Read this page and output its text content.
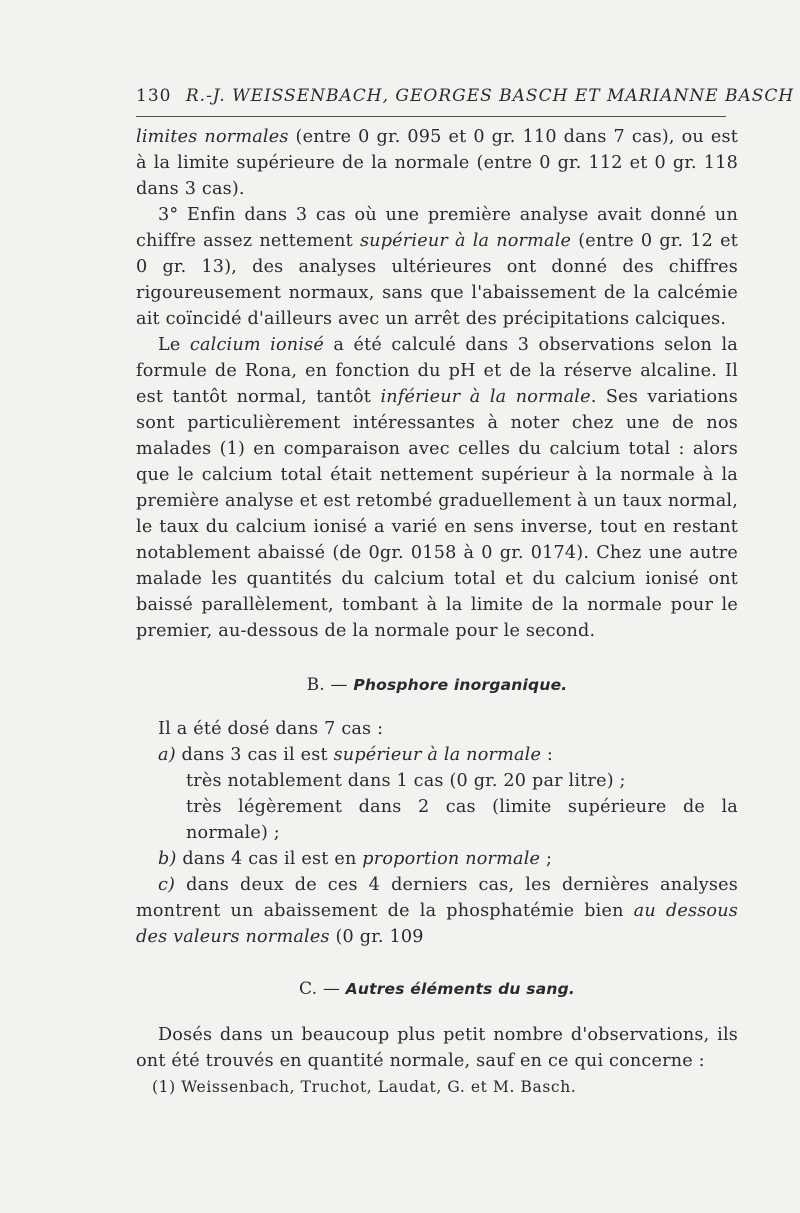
130 R.-J. WEISSENBACH, GEORGES BASCH ET MARIANNE BASCH

limites normales (entre 0 gr. 095 et 0 gr. 110 dans 7 cas), ou est à la limite supérieure de la normale (entre 0 gr. 112 et 0 gr. 118 dans 3 cas).

3° Enfin dans 3 cas où une première analyse avait donné un chiffre assez nettement supérieur à la normale (entre 0 gr. 12 et 0 gr. 13), des analyses ultérieures ont donné des chiffres rigoureusement normaux, sans que l'abaissement de la calcémie ait coïncidé d'ailleurs avec un arrêt des précipitations calciques.

Le calcium ionisé a été calculé dans 3 observations selon la formule de Rona, en fonction du pH et de la réserve alcaline. Il est tantôt normal, tantôt inférieur à la normale. Ses variations sont particulièrement intéressantes à noter chez une de nos malades (1) en comparaison avec celles du calcium total : alors que le calcium total était nettement supérieur à la normale à la première analyse et est retombé graduellement à un taux normal, le taux du calcium ionisé a varié en sens inverse, tout en restant notablement abaissé (de 0gr. 0158 à 0 gr. 0174). Chez une autre malade les quantités du calcium total et du calcium ionisé ont baissé parallèlement, tombant à la limite de la normale pour le premier, au-dessous de la normale pour le second.

B. — Phosphore inorganique.

Il a été dosé dans 7 cas :

a) dans 3 cas il est supérieur à la normale :

très notablement dans 1 cas (0 gr. 20 par litre) ;

très légèrement dans 2 cas (limite supérieure de la normale) ;

b) dans 4 cas il est en proportion normale ;

c) dans deux de ces 4 derniers cas, les dernières analyses montrent un abaissement de la phosphatémie bien au dessous des valeurs normales (0 gr. 109

C. — Autres éléments du sang.

Dosés dans un beaucoup plus petit nombre d'observations, ils ont été trouvés en quantité normale, sauf en ce qui concerne :

(1) Weissenbach, Truchot, Laudat, G. et M. Basch.
